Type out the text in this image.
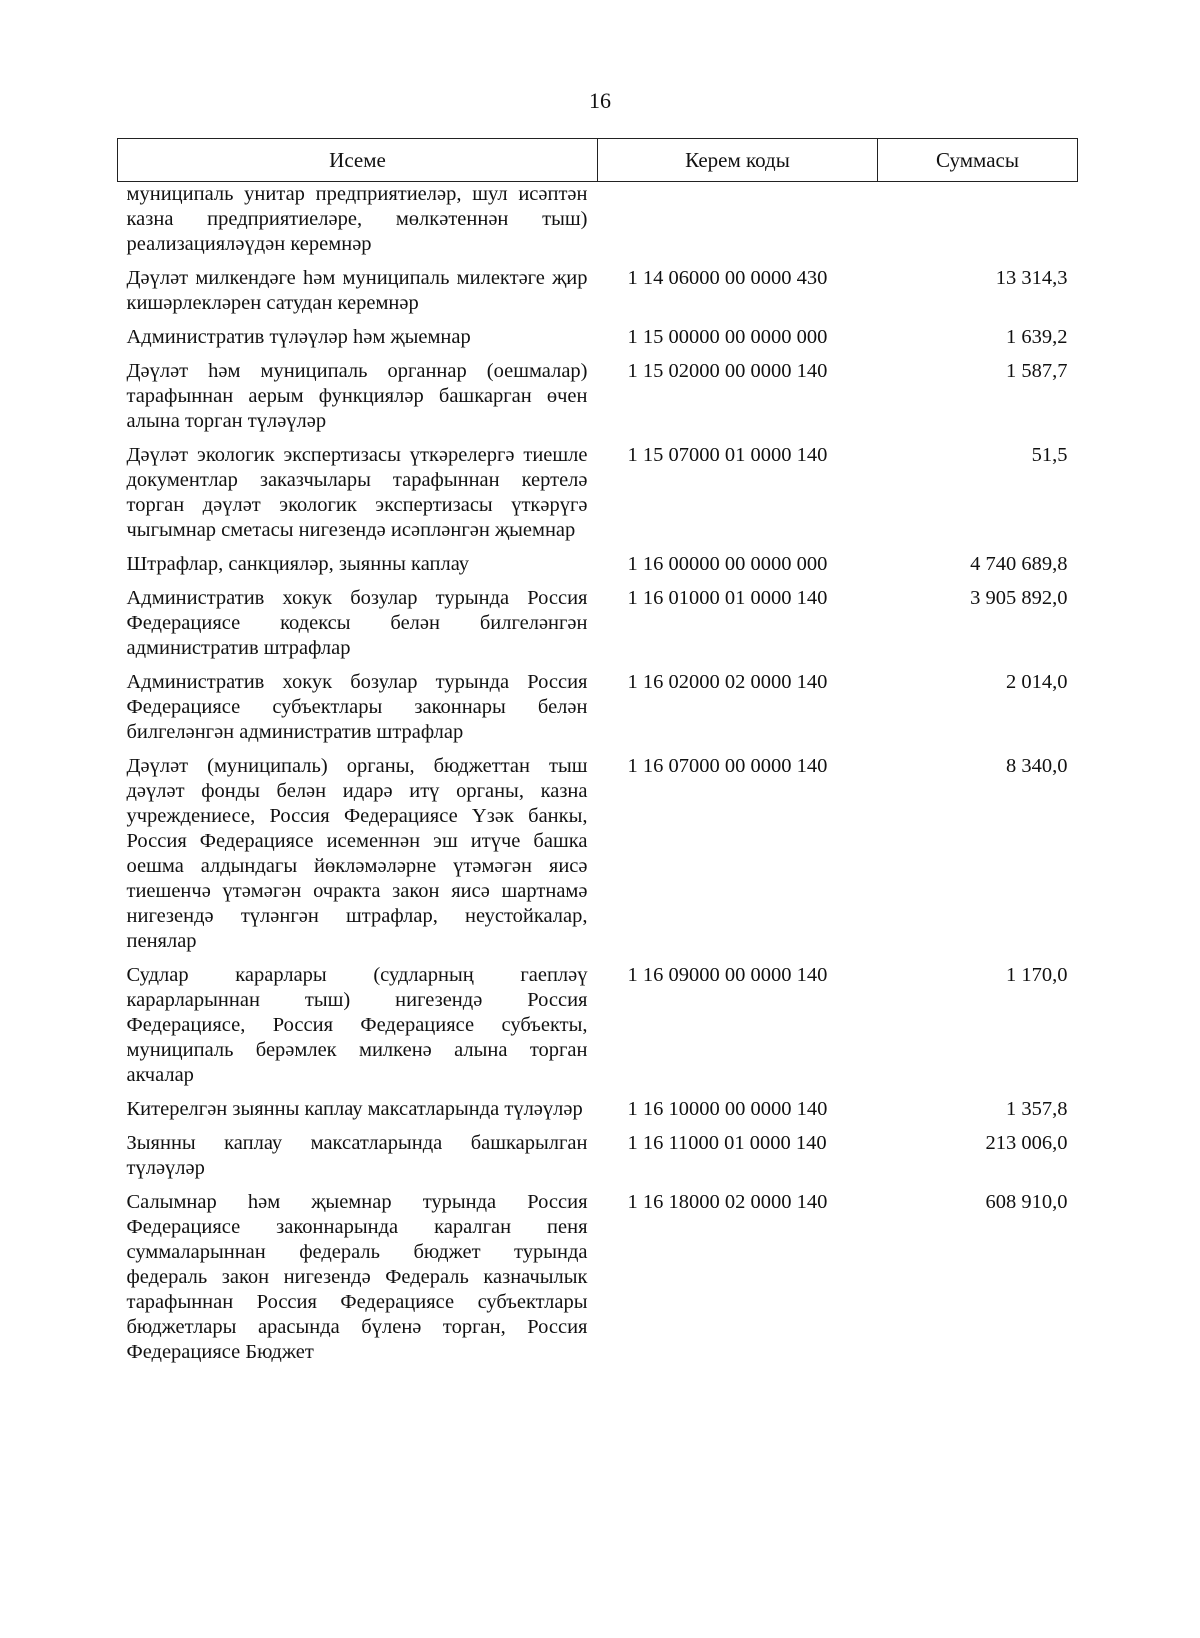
16
Исеме	Керем коды	Суммасы
муниципаль унитар предприятиеләр, шул исәптән казна предприятиеләре, мөлкәтеннән тыш) реализацияләүдән керемнәр		
Дәүләт милкендәге һәм муниципаль милектәге җир кишәрлекләрен сатудан керемнәр	1 14 06000 00 0000 430	13 314,3
Административ түләүләр һәм җыемнар	1 15 00000 00 0000 000	1 639,2
Дәүләт һәм муниципаль органнар (оешмалар) тарафыннан аерым функцияләр башкарган өчен алына торган түләүләр	1 15 02000 00 0000 140	1 587,7
Дәүләт экологик экспертизасы үткәрелергә тиешле документлар заказчылары тарафыннан кертелә торган дәүләт экологик экспертизасы үткәрүгә чыгымнар сметасы нигезендә исәпләнгән җыемнар	1 15 07000 01 0000 140	51,5
Штрафлар, санкцияләр, зыянны каплау	1 16 00000 00 0000 000	4 740 689,8
Административ хокук бозулар турында Россия Федерациясе кодексы белән билгеләнгән административ штрафлар	1 16 01000 01 0000 140	3 905 892,0
Административ хокук бозулар турында Россия Федерациясе субъектлары законнары белән билгеләнгән административ штрафлар	1 16 02000 02 0000 140	2 014,0
Дәүләт (муниципаль) органы, бюджеттан тыш дәүләт фонды белән идарә итү органы, казна учреждениесе, Россия Федерациясе Үзәк банкы, Россия Федерациясе исеменнән эш итүче башка оешма алдындагы йөкләмәләрне үтәмәгән яисә тиешенчә үтәмәгән очракта закон яисә шартнамә нигезендә түләнгән штрафлар, неустойкалар, пенялар	1 16 07000 00 0000 140	8 340,0
Судлар карарлары (судларның гаепләү карарларыннан тыш) нигезендә Россия Федерациясе, Россия Федерациясе субъекты, муниципаль берәмлек милкенә алына торган акчалар	1 16 09000 00 0000 140	1 170,0
Китерелгән зыянны каплау максатларында түләүләр	1 16 10000 00 0000 140	1 357,8
Зыянны каплау максатларында башкарылган түләүләр	1 16 11000 01 0000 140	213 006,0
Салымнар һәм җыемнар турында Россия Федерациясе законнарында каралган пеня суммаларыннан федераль бюджет турында федераль закон нигезендә Федераль казначылык тарафыннан Россия Федерациясе субъектлары бюджетлары арасында бүленә торган, Россия Федерациясе Бюджет	1 16 18000 02 0000 140	608 910,0
